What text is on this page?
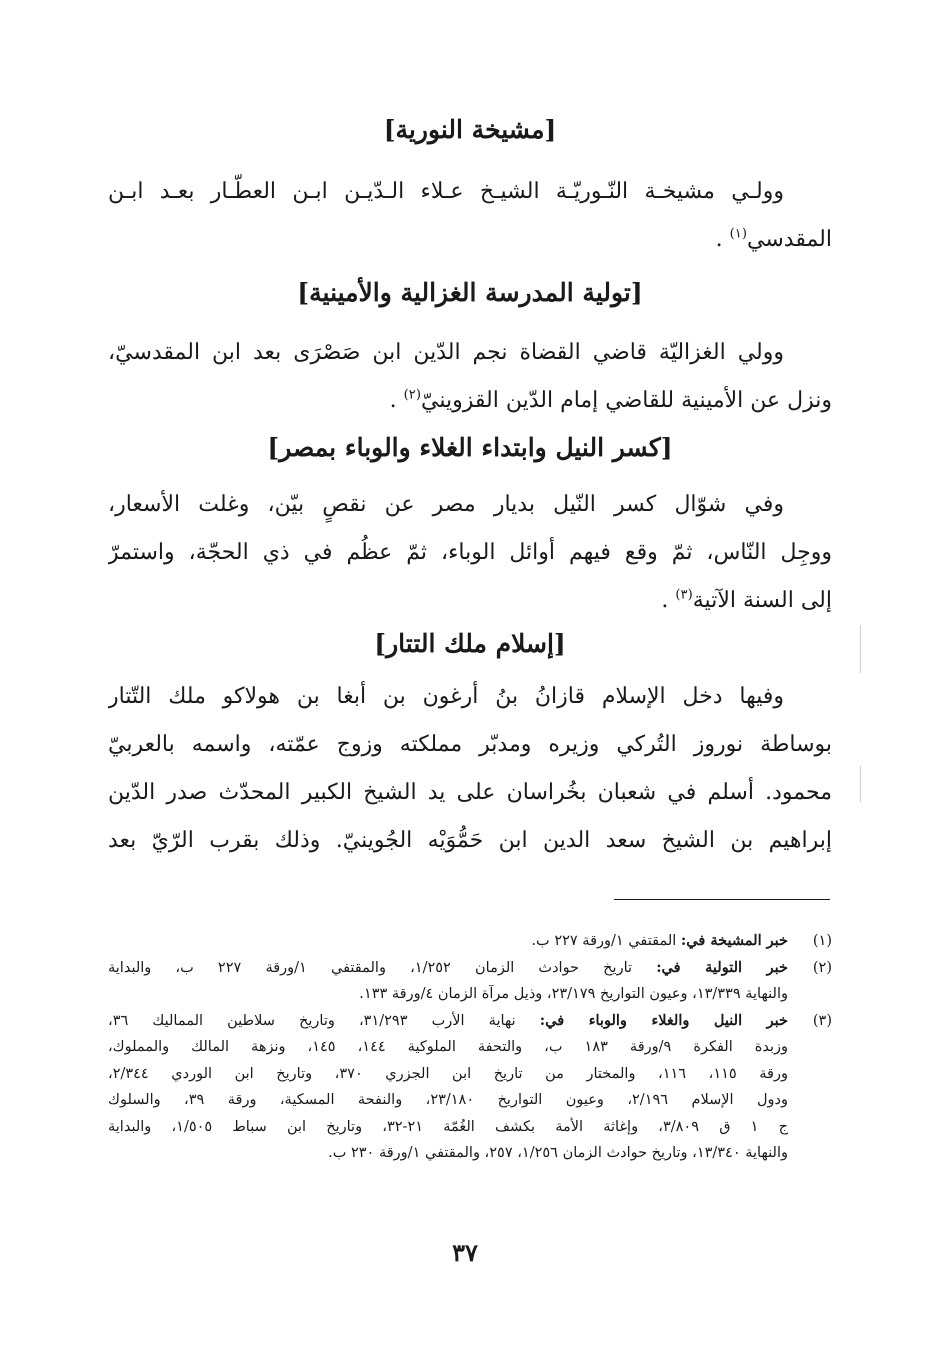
[مشيخة النورية]
وولـي مشيخـة النّـوريّـة الشيـخ عـلاء الـدّيـن ابـن العطّـار بعـد ابـن
المقدسي$^{(١)}$ .
[تولية المدرسة الغزالية والأمينية]
وولي الغزاليّة قاضي القضاة نجم الدّين ابن صَصْرَى بعد ابن المقدسيّ،
ونزل عن الأمينية للقاضي إمام الدّين القزوينيّ$^{(٢)}$ .
[كسر النيل وابتداء الغلاء والوباء بمصر]
وفي شوّال كسر النّيل بديار مصر عن نقصٍ بيّن، وغلت الأسعار،
ووجِل النّاس، ثمّ وقع فيهم أوائل الوباء، ثمّ عظُم في ذي الحجّة، واستمرّ
إلى السنة الآتية$^{(٣)}$ .
[إسلام ملك التتار]
وفيها دخل الإسلام قازانُ بنُ أرغون بن أبغا بن هولاكو ملك التّتار
بوساطة نوروز التُركي وزيره ومدبّر مملكته وزوج عمّته، واسمه بالعربيّ
محمود. أسلم في شعبان بخُراسان على يد الشيخ الكبير المحدّث صدر الدّين
إبراهيم بن الشيخ سعد الدين ابن حَمُّوَيْه الجُوينيّ. وذلك بقرب الرّيّ بعد
(١)
خبر المشيخة في: المقتفي ١/ورقة ٢٢٧ ب.
(٢)
خبر التولية في: تاريخ حوادث الزمان ١/٢٥٢، والمقتفي ١/ورقة ٢٢٧ ب، والبداية
والنهاية ١٣/٣٣٩، وعيون التواريخ ٢٣/١٧٩، وذيل مرآة الزمان ٤/ورقة ١٣٣.
(٣)
خبر النيل والغلاء والوباء في: نهاية الأرب ٣١/٢٩٣، وتاريخ سلاطين المماليك ٣٦،
وزبدة الفكرة ٩/ورقة ١٨٣ ب، والتحفة الملوكية ١٤٤، ١٤٥، ونزهة المالك والمملوك،
ورقة ١١٥، ١١٦، والمختار من تاريخ ابن الجزري ٣٧٠، وتاريخ ابن الوردي ٢/٣٤٤،
ودول الإسلام ٢/١٩٦، وعيون التواريخ ٢٣/١٨٠، والنفحة المسكية، ورقة ٣٩، والسلوك
ج ١ ق ٣/٨٠٩، وإغاثة الأمة بكشف الغُمّة ٢١-٣٢، وتاريخ ابن سباط ١/٥٠٥، والبداية
والنهاية ١٣/٣٤٠، وتاريخ حوادث الزمان ١/٢٥٦، ٢٥٧، والمقتفي ١/ورقة ٢٣٠ ب.
٣٧
